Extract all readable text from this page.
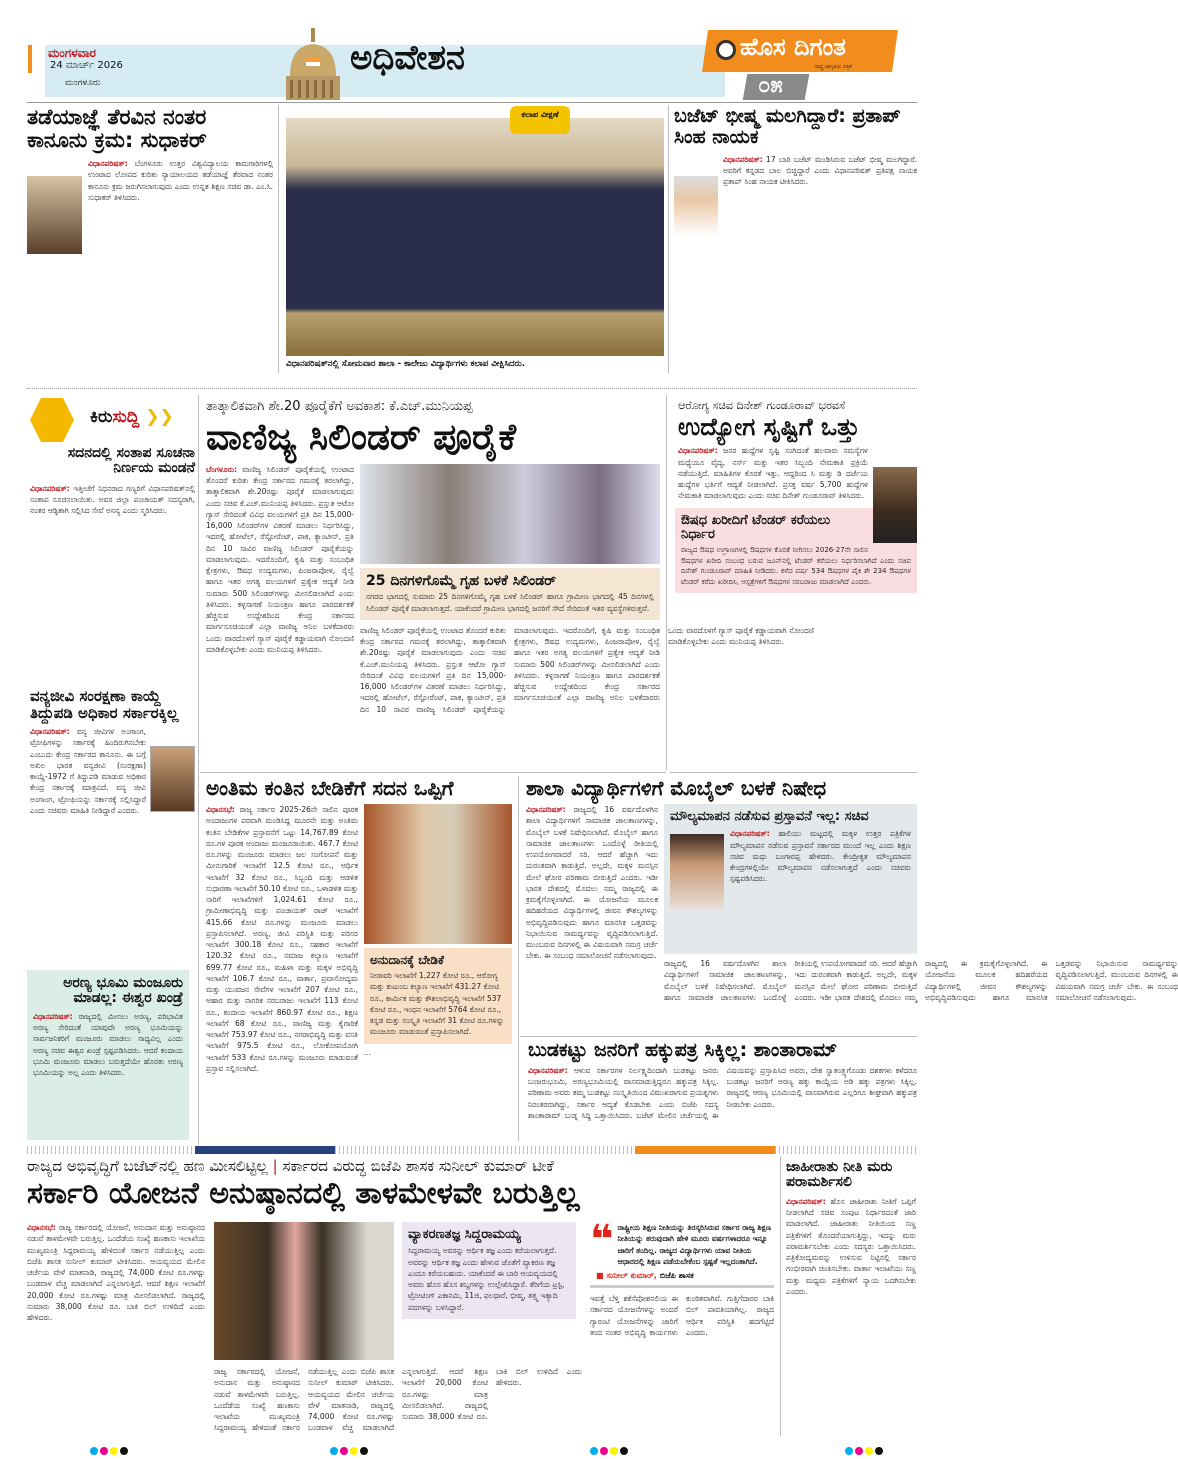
ಮಂಗಳವಾರ
24 ಮಾರ್ಚ್ 2026
ಮಂಗಳೂರು
ಅಧಿವೇಶನ	ಹೊಸ ದಿಗಂತ
ರಾಷ್ಟ್ರ ಜಾಗೃತಿಯ ಪತ್ರಿಕೆ
೦೫
ತಡೆಯಾಜ್ಞೆ ತೆರವಿನ ನಂತರ ಕಾನೂನು ಕ್ರಮ: ಸುಧಾಕರ್
ವಿಧಾನಪರಿಷತ್: ಬೆಂಗಳೂರು ಉತ್ತರ ವಿಶ್ವವಿದ್ಯಾಲಯ ಕಾಮಗಾರಿಗಳಲ್ಲಿ ಉಂಟಾದ ಲೋಪದ ಕುರಿತು ನ್ಯಾಯಾಲಯದ ತಡೆಯಾಜ್ಞೆ ತೆರವಾದ ನಂತರ ಕಾನೂನು ಕ್ರಮ ಜರುಗಿಸಲಾಗುವುದು ಎಂದು ಉನ್ನತ ಶಿಕ್ಷಣ ಸಚಿವ ಡಾ. ಎಂ.ಸಿ. ಸುಧಾಕರ್ ತಿಳಿಸಿದರು.
ಕಲಾಪ ವೀಕ್ಷಣೆ
ವಿಧಾನಪರಿಷತ್‌ನಲ್ಲಿ ಸೋಮವಾರ ಶಾಲಾ - ಕಾಲೇಜು ವಿದ್ಯಾರ್ಥಿಗಳು ಕಲಾಪ ವೀಕ್ಷಿಸಿದರು.
ಬಜೆಟ್ ಭೀಷ್ಮ ಮಲಗಿದ್ದಾರೆ: ಪ್ರತಾಪ್ ಸಿಂಹ ನಾಯಕ
ವಿಧಾನಪರಿಷತ್: 17 ಬಾರಿ ಬಜೆಟ್ ಮಂಡಿಸಿರುವ ಬಜೆಟ್ ಭೀಷ್ಮ ಮಲಗಿದ್ದಾರೆ. ಅವರಿಗೆ ಕನ್ನಡದ ಬಾಲ ಬಿಚ್ಚಿದ್ದಾರೆ ಎಂದು ವಿಧಾನಪರಿಷತ್ ಪ್ರತಿಪಕ್ಷ ನಾಯಕ ಪ್ರತಾಪ್ ಸಿಂಹ ನಾಯಕ ಟೀಕಿಸಿದರು.
ಕಿರುಸುದ್ದಿ ❯❯
ಸದನದಲ್ಲಿ ಸಂತಾಪ ಸೂಚನಾ ನಿರ್ಣಯ ಮಂಡನೆ
ವಿಧಾನಪರಿಷತ್: ಇತ್ತೀಚೆಗೆ ನಿಧನರಾದ ಗಣ್ಯರಿಗೆ ವಿಧಾನಪರಿಷತ್‌ನಲ್ಲಿ ಸಂತಾಪ ಸೂಚಿಸಲಾಯಿತು. ಅವರ ಜಿಲ್ಲಾ ಪಂಚಾಯತ್ ಸದಸ್ಯರಾಗಿ, ನಂತರ ಆಡ್ಳಿತಾಗಿ ಸಲ್ಲಿಸಿದ ಸೇವೆ ಅನನ್ಯ ಎಂದು ಸ್ಮರಿಸಿದರು.
ವನ್ಯಜೀವಿ ಸಂರಕ್ಷಣಾ ಕಾಯ್ದೆ ತಿದ್ದುಪಡಿ ಅಧಿಕಾರ ಸರ್ಕಾರಕ್ಕಿಲ್ಲ
ವಿಧಾನಪರಿಷತ್: ವನ್ಯ ಜೀವಿಗಳ ಅಂಗಾಂಗ, ಟ್ರೋಫಿಗಳನ್ನು ಸರ್ಕಾರಕ್ಕೆ ಹಿಂದಿರುಗಿಸಬೇಕು ಎಂಬುದು ಕೇಂದ್ರ ಸರ್ಕಾರದ ಕಾನೂನು. ಈ ಬಗ್ಗೆ ಅಖಿಲ ಭಾರತ ವನ್ಯಜೀವಿ (ಸಂರಕ್ಷಣಾ) ಕಾಯ್ದೆ-1972 ಗೆ ತಿದ್ದುಪಡಿ ಮಾಡುವ ಅಧಿಕಾರ ಕೇಂದ್ರ ಸರ್ಕಾರಕ್ಕೆ ಮಾತ್ರವಿದೆ. ವನ್ಯ ಜೀವಿ ಅಂಗಾಂಗ, ಟ್ರೋಫಿಯನ್ನು ಸರ್ಕಾರಕ್ಕೆ ಸಲ್ಲಿಸಿದ್ದಾರೆ ಎಂದು ಸಚಿವರು ಮಾಹಿತಿ ನೀಡಿದ್ದಾರೆ ಎಂದರು.
ಅರಣ್ಯ ಭೂಮಿ ಮಂಜೂರು ಮಾಡಲ್ಲ: ಈಶ್ವರ ಖಂಡ್ರೆ
ವಿಧಾನಪರಿಷತ್: ರಾಜ್ಯದಲ್ಲಿ ಮೀಸಲು ಅರಣ್ಯ, ಪರಿಭಾವಿತ ಅರಣ್ಯ ಸೇರಿದಂತೆ ಯಾವುದೇ ಅರಣ್ಯ ಭೂಮಿಯನ್ನು ಸಾರ್ವಜನಿಕರಿಗೆ ಮಂಜೂರು ಮಾಡಲು ಸಾಧ್ಯವಿಲ್ಲ ಎಂದು ಅರಣ್ಯ ಸಚಿವ ಈಶ್ವರ ಖಂಡ್ರೆ ಸ್ಪಷ್ಟಪಡಿಸಿದರು. ಆದರೆ ಕಂದಾಯ ಭೂಮಿ ಮಂಜೂರು ಮಾಡಲು ಬರುತ್ತದೆಯೇ ಹೊರತು ಅರಣ್ಯ ಭೂಮಿಯನ್ನು ಅಲ್ಲ ಎಂದು ತಿಳಿಸಿದರು.
ತಾತ್ಕಾಲಿಕವಾಗಿ ಶೇ.20 ಪೂರೈಕೆಗೆ ಅವಕಾಶ: ಕೆ.ಎಚ್.ಮುನಿಯಪ್ಪ
ವಾಣಿಜ್ಯ ಸಿಲಿಂಡರ್ ಪೂರೈಕೆ
ಬೆಂಗಳೂರು: ವಾಣಿಜ್ಯ ಸಿಲಿಂಡರ್ ಪೂರೈಕೆಯಲ್ಲಿ ಉಂಟಾದ ತೊಂದರೆ ಕುರಿತು ಕೇಂದ್ರ ಸರ್ಕಾರದ ಗಮನಕ್ಕೆ ತರಲಾಗಿದ್ದು, ತಾತ್ಕಾಲಿಕವಾಗಿ ಶೇ.20ರಷ್ಟು ಪೂರೈಕೆ ಮಾಡಲಾಗುವುದು ಎಂದು ಸಚಿವ ಕೆ.ಎಚ್.ಮುನಿಯಪ್ಪ ತಿಳಿಸಿದರು. ಪ್ರಸ್ತುತ ಆಟೋ ಗ್ಯಾಸ್ ಸೇರಿದಂತೆ ವಿವಿಧ ವಲಯಗಳಿಗೆ ಪ್ರತಿ ದಿನ 15,000-16,000 ಸಿಲಿಂಡರ್‌ಗಳ ವಿತರಣೆ ಮಾಡಲು ನಿರ್ಧರಿಸಿದ್ದು, ಇದರಲ್ಲಿ ಹೋಟೆಲ್, ರೆಸ್ಟೋರೆಂಟ್, ಪಾಕ, ಕ್ಯಾಂಟೀನ್, ಪ್ರತಿ ದಿನ 10 ಸಾವಿರ ವಾಣಿಜ್ಯ ಸಿಲಿಂಡರ್ ಪೂರೈಕೆಯನ್ನು ಮಾಡಲಾಗುವುದು. ಇದರೊಂದಿಗೆ, ಕೃಷಿ ಮತ್ತು ಸಂಬಂಧಿತ ಕ್ಷೇತ್ರಗಳು, ಔಷಧ ಉದ್ಯಮಗಳು, ಪಿಂಜರಾಪೋಳ, ರೈಲ್ವೆ ಹಾಗೂ ಇತರ ಅಗತ್ಯ ವಲಯಗಳಿಗೆ ಪ್ರತ್ಯೇಕ ಆದ್ಯತೆ ನೀಡಿ ಸುಮಾರು 500 ಸಿಲಿಂಡರ್‌ಗಳನ್ನು ಮೀಸಲಿಡಲಾಗಿದೆ ಎಂದು ತಿಳಿಸಿದರು. ಕಳ್ಳಸಾಗಣೆ ನಿಯಂತ್ರಣ ಹಾಗೂ ಪಾರದರ್ಶಕತೆ ಹೆಚ್ಚಿಸುವ ಉದ್ದೇಶದಿಂದ ಕೇಂದ್ರ ಸರ್ಕಾರದ ಮಾರ್ಗಸೂಚಿಯಂತೆ ಎಲ್ಲಾ ವಾಣಿಜ್ಯ ಅನಿಲ ಬಳಕೆದಾರರು ಒಂದು ವಾರದೊಳಗೆ ಗ್ಯಾಸ್ ಪೂರೈಕೆ ಕಡ್ಡಾಯವಾಗಿ ನೋಂದಣಿ ಮಾಡಿಕೊಳ್ಳಬೇಕು ಎಂದು ಮುನಿಯಪ್ಪ ತಿಳಿಸಿದರು.
25 ದಿನಗಳಿಗೊಮ್ಮೆ ಗೃಹ ಬಳಕೆ ಸಿಲಿಂಡರ್
ನಗರದ ಭಾಗದಲ್ಲಿ ಸುಮಾರು 25 ದಿನಗಳಿಗೊಮ್ಮೆ ಗೃಹ ಬಳಕೆ ಸಿಲಿಂಡರ್ ಹಾಗೂ ಗ್ರಾಮೀಣ ಭಾಗದಲ್ಲಿ 45 ದಿನಗಳಲ್ಲಿ ಸಿಲಿಂಡರ್ ಪೂರೈಕೆ ಮಾಡಲಾಗುತ್ತದೆ. ಯಾಕೆಂದರೆ ಗ್ರಾಮೀಣ ಭಾಗದಲ್ಲಿ ಜನರಿಗೆ ಸೌದೆ ಸೇರಿದಂತೆ ಇತರ ವ್ಯವಸ್ಥೆಗಳಿರುತ್ತವೆ.
ವಾಣಿಜ್ಯ ಸಿಲಿಂಡರ್ ಪೂರೈಕೆಯಲ್ಲಿ ಉಂಟಾದ ತೊಂದರೆ ಕುರಿತು ಕೇಂದ್ರ ಸರ್ಕಾರದ ಗಮನಕ್ಕೆ ತರಲಾಗಿದ್ದು, ತಾತ್ಕಾಲಿಕವಾಗಿ ಶೇ.20ರಷ್ಟು ಪೂರೈಕೆ ಮಾಡಲಾಗುವುದು ಎಂದು ಸಚಿವ ಕೆ.ಎಚ್.ಮುನಿಯಪ್ಪ ತಿಳಿಸಿದರು. ಪ್ರಸ್ತುತ ಆಟೋ ಗ್ಯಾಸ್ ಸೇರಿದಂತೆ ವಿವಿಧ ವಲಯಗಳಿಗೆ ಪ್ರತಿ ದಿನ 15,000-16,000 ಸಿಲಿಂಡರ್‌ಗಳ ವಿತರಣೆ ಮಾಡಲು ನಿರ್ಧರಿಸಿದ್ದು, ಇದರಲ್ಲಿ ಹೋಟೆಲ್, ರೆಸ್ಟೋರೆಂಟ್, ಪಾಕ, ಕ್ಯಾಂಟೀನ್, ಪ್ರತಿ ದಿನ 10 ಸಾವಿರ ವಾಣಿಜ್ಯ ಸಿಲಿಂಡರ್ ಪೂರೈಕೆಯನ್ನು ಮಾಡಲಾಗುವುದು. ಇದರೊಂದಿಗೆ, ಕೃಷಿ ಮತ್ತು ಸಂಬಂಧಿತ ಕ್ಷೇತ್ರಗಳು, ಔಷಧ ಉದ್ಯಮಗಳು, ಪಿಂಜರಾಪೋಳ, ರೈಲ್ವೆ ಹಾಗೂ ಇತರ ಅಗತ್ಯ ವಲಯಗಳಿಗೆ ಪ್ರತ್ಯೇಕ ಆದ್ಯತೆ ನೀಡಿ ಸುಮಾರು 500 ಸಿಲಿಂಡರ್‌ಗಳನ್ನು ಮೀಸಲಿಡಲಾಗಿದೆ ಎಂದು ತಿಳಿಸಿದರು. ಕಳ್ಳಸಾಗಣೆ ನಿಯಂತ್ರಣ ಹಾಗೂ ಪಾರದರ್ಶಕತೆ ಹೆಚ್ಚಿಸುವ ಉದ್ದೇಶದಿಂದ ಕೇಂದ್ರ ಸರ್ಕಾರದ ಮಾರ್ಗಸೂಚಿಯಂತೆ ಎಲ್ಲಾ ವಾಣಿಜ್ಯ ಅನಿಲ ಬಳಕೆದಾರರು ಒಂದು ವಾರದೊಳಗೆ ಗ್ಯಾಸ್ ಪೂರೈಕೆ ಕಡ್ಡಾಯವಾಗಿ ನೋಂದಣಿ ಮಾಡಿಕೊಳ್ಳಬೇಕು ಎಂದು ಮುನಿಯಪ್ಪ ತಿಳಿಸಿದರು.
ಆರೋಗ್ಯ ಸಚಿವ ದಿನೇಶ್ ಗುಂಡೂರಾವ್ ಭರವಸೆ
ಉದ್ಯೋಗ ಸೃಷ್ಟಿಗೆ ಒತ್ತು
ವಿಧಾನಪರಿಷತ್: ಜನರ ಹುದ್ದೆಗಳ ಸೃಷ್ಟಿ ಸಂಗಿದಂತೆ ಹಲವಾರು ಸಮಸ್ಯೆಗಳ ಮಧ್ಯೆಯೂ ವೈದ್ಯ, ನರ್ಸ್ ಮತ್ತು ಇತರ ಸಿಬ್ಬಂದಿ ನೇಮಕಾತಿ ಪ್ರಕ್ರಿಯೆ ನಡೆಯುತ್ತಿದೆ. ಮಾಹಿತಿಗಳ ಕೊರತೆ ಇತ್ತು. ಆದ್ದರಿಂದ ಸಿ ಮತ್ತು ಡಿ ದರ್ಜೆಯ ಹುದ್ದೆಗಳ ಭರ್ತಿಗೆ ಆದ್ಯತೆ ನೀಡಲಾಗಿದೆ. ಪ್ರಸಕ್ತ ವರ್ಷ 5,700 ಹುದ್ದೆಗಳ ನೇಮಕಾತಿ ಮಾಡಲಾಗುವುದು ಎಂದು ಸಚಿವ ದಿನೇಶ್ ಗುಂಡೂರಾವ್ ತಿಳಿಸಿದರು.
ಔಷಧ ಖರೀದಿಗೆ ಟೆಂಡರ್ ಕರೆಯಲು ನಿರ್ಧಾರ
ರಾಜ್ಯದ ಔಷಧ ಉಗ್ರಾಣಗಳಲ್ಲಿ ಔಷಧಗಳ ಕೊರತೆ ನೀಗಿಸಲು 2026-27ನೇ ಸಾಲಿನ ಔಷಧಗಳ ಖರೀದಿ ಸಂಬಂಧ ಬರುವ ಜೂನ್‌ನಲ್ಲಿ ಟೆಂಡರ್ ಕರೆಯಲು ನಿರ್ಧರಿಸಲಾಗಿದೆ ಎಂದು ಸಚಿವ ದಿನೇಶ್ ಗುಂಡೂರಾವ್ ಮಾಹಿತಿ ನೀಡಿದರು. ಕಳೆದ ವರ್ಷ 534 ಔಷಧಗಳ ಪೈಕಿ ಶೇ 234 ಔಷಧಗಳ ಟೆಂಡರ್ ಕರೆದು ಖರೀದಿಸಿ, ಆಸ್ಪತ್ರೆಗಳಿಗೆ ಔಷಧಗಳ ಸರಬರಾಜು ಮಾಡಲಾಗಿದೆ ಎಂದರು.
ಅಂತಿಮ ಕಂತಿನ ಬೇಡಿಕೆಗೆ ಸದನ ಒಪ್ಪಿಗೆ
ವಿಧಾನಸಭೆ: ರಾಜ್ಯ ಸರ್ಕಾರ 2025-26ನೇ ಸಾಲಿನ ಪೂರಕ ಅಂದಾಜುಗಳ ಪರವಾಗಿ ಮಂಡಿಸಿದ್ದ ಮೂರನೇ ಮತ್ತು ಅಂತಿಮ ಕಂತಿನ ಬೇಡಿಕೆಗಳ ಪ್ರಸ್ತಾವನೆಗೆ ಒಟ್ಟು 14,767.89 ಕೋಟಿ ರೂ.ಗಳ ಪೂರಕ ಅಂದಾಜು ಮಂಜೂರಾಯಿತು. 467.7 ಕೋಟಿ ರೂ.ಗಳನ್ನು ಮಂಜೂರು ಮಾಡಲು ಜಲ ಸಂಗೋಪನೆ ಮತ್ತು ಮೀನುಗಾರಿಕೆ ಇಲಾಖೆಗೆ 12.5 ಕೋಟಿ ರೂ., ಆರ್ಥಿಕ ಇಲಾಖೆಗೆ 32 ಕೋಟಿ ರೂ., ಸಿಬ್ಬಂದಿ ಮತ್ತು ಆಡಳಿತ ಸುಧಾರಣಾ ಇಲಾಖೆಗೆ 50.10 ಕೋಟಿ ರೂ., ಒಳಾಡಳಿತ ಮತ್ತು ಸಾರಿಗೆ ಇಲಾಖೆಗಳಿಗೆ 1,024.61 ಕೋಟಿ ರೂ., ಗ್ರಾಮೀಣಾಭಿವೃದ್ಧಿ ಮತ್ತು ಪಂಚಾಯತ್ ರಾಜ್ ಇಲಾಖೆಗೆ 415.66 ಕೋಟಿ ರೂ.ಗಳನ್ನು ಮಂಜೂರು ಮಾಡಲು ಪ್ರಸ್ತಾಪಿಸಲಾಗಿದೆ. ಅರಣ್ಯ, ಜೀವಿ ಪರಿಸ್ಥಿತಿ ಮತ್ತು ಪರಿಸರ ಇಲಾಖೆಗೆ 300.18 ಕೋಟಿ ರೂ., ಸಹಕಾರ ಇಲಾಖೆಗೆ 120.32 ಕೋಟಿ ರೂ., ಸಮಾಜ ಕಲ್ಯಾಣ ಇಲಾಖೆಗೆ 699.77 ಕೋಟಿ ರೂ., ಮಹಿಳಾ ಮತ್ತು ಮಕ್ಕಳ ಅಭಿವೃದ್ಧಿ ಇಲಾಖೆಗೆ 106.7 ಕೋಟಿ ರೂ., ವಾರ್ತಾ, ಪ್ರವಾಸೋದ್ಯಮ ಮತ್ತು ಯುವಜನ ಸೇವೆಗಳ ಇಲಾಖೆಗೆ 207 ಕೋಟಿ ರೂ., ಆಹಾರ ಮತ್ತು ನಾಗರಿಕ ಸರಬರಾಜು ಇಲಾಖೆಗೆ 113 ಕೋಟಿ ರೂ., ಕಂದಾಯ ಇಲಾಖೆಗೆ 860.97 ಕೋಟಿ ರೂ., ಶಿಕ್ಷಣ ಇಲಾಖೆಗೆ 68 ಕೋಟಿ ರೂ., ವಾಣಿಜ್ಯ ಮತ್ತು ಕೈಗಾರಿಕೆ ಇಲಾಖೆಗೆ 753.97 ಕೋಟಿ ರೂ., ನಗರಾಭಿವೃದ್ಧಿ ಮತ್ತು ವಸತಿ ಇಲಾಖೆಗೆ 975.5 ಕೋಟಿ ರೂ., ಲೋಕೋಪಯೋಗಿ ಇಲಾಖೆಗೆ 533 ಕೋಟಿ ರೂ.ಗಳನ್ನು ಮಂಜೂರು ಮಾಡುವಂತೆ ಪ್ರಸ್ತಾವ ಸಲ್ಲಿಸಲಾಗಿದೆ.
ಅನುದಾನಕ್ಕೆ ಬೇಡಿಕೆ
ನೀರಾವರಿ ಇಲಾಖೆಗೆ 1,227 ಕೋಟಿ ರೂ., ಆರೋಗ್ಯ ಮತ್ತು ಕುಟುಂಬ ಕಲ್ಯಾಣ ಇಲಾಖೆಗೆ 431.27 ಕೋಟಿ ರೂ., ಕಾರ್ಮಿಕ ಮತ್ತು ಕೌಶಲಾಭಿವೃದ್ಧಿ ಇಲಾಖೆಗೆ 537 ಕೋಟಿ ರೂ., ಇಂಧನ ಇಲಾಖೆಗೆ 5764 ಕೋಟಿ ರೂ., ಕನ್ನಡ ಮತ್ತು ಸಂಸ್ಕೃತಿ ಇಲಾಖೆಗೆ 31 ಕೋಟಿ ರೂ.ಗಳನ್ನು ಮಂಜೂರು ಮಾಡುವಂತೆ ಪ್ರಸ್ತಾಪಿಸಲಾಗಿದೆ.
…
ಶಾಲಾ ವಿದ್ಯಾರ್ಥಿಗಳಿಗೆ ಮೊಬೈಲ್ ಬಳಕೆ ನಿಷೇಧ
ವಿಧಾನಪರಿಷತ್: ರಾಜ್ಯದಲ್ಲಿ 16 ವರ್ಷದೊಳಗಿನ ಶಾಲಾ ವಿದ್ಯಾರ್ಥಿಗಳಿಗೆ ಸಾಮಾಜಿಕ ಜಾಲತಾಣಗಳನ್ನು, ಮೊಬೈಲ್ ಬಳಕೆ ನಿಷೇಧಿಸಲಾಗಿದೆ. ಮೊಬೈಲ್ ಹಾಗೂ ಸಾಮಾಜಿಕ ಜಾಲತಾಣಗಳು ಒಂದೊಳ್ಳೆ ರೀತಿಯಲ್ಲಿ ಉಪಯೋಗವಾದರೆ ಸರಿ. ಆದರೆ ಹೆಚ್ಚಾಗಿ ಇದು ದುರಂತವಾಗಿ ಕಾಡುತ್ತಿದೆ. ಅಲ್ಲದೇ, ಮಕ್ಕಳ ಮನಸ್ಸಿನ ಮೇಲೆ ಘೋರ ಪರಿಣಾಮ ಬೀರುತ್ತಿದೆ ಎಂದರು. ಇಡೀ ಭಾರತ ದೇಶದಲ್ಲಿ ಮೊದಲು ನಮ್ಮ ರಾಜ್ಯದಲ್ಲಿ ಈ ಕ್ರಮಕೈಗೊಳ್ಳಲಾಗಿದೆ. ಈ ಯೋಜನೆಯ ಮೂಲಕ ಹದಿಹರೆಯದ ವಿದ್ಯಾರ್ಥಿಗಳಲ್ಲಿ ಜೀವನ ಕೌಶಲ್ಯಗಳನ್ನು ಅಭಿವೃದ್ಧಿಪಡಿಸುವುದು ಹಾಗೂ ಮಾನಸಿಕ ಒತ್ತಡವನ್ನು ನಿಭಾಯಿಸುವ ಸಾಮರ್ಥ್ಯವನ್ನು ವೃದ್ಧಿಪಡಿಸಲಾಗುತ್ತಿದೆ. ಮುಂಬರುವ ದಿನಗಳಲ್ಲಿ ಈ ವಿಷಯವಾಗಿ ಸಮಗ್ರ ಚರ್ಚೆ ಬೇಕು. ಈ ಸಂಬಂಧ ಸಮಾಲೋಚನೆ ನಡೆಸಲಾಗುವುದು.
ಮೌಲ್ಯಮಾಪನ ನಡೆಸುವ ಪ್ರಸ್ತಾವನೆ ಇಲ್ಲ: ಸಚಿವ
ವಿಧಾನಪರಿಷತ್: ಹಾಲಿಯು ಮಟ್ಟದಲ್ಲಿ ಮಕ್ಕಳ ಉತ್ತರ ಪತ್ರಿಕೆಗಳ ಮೌಲ್ಯಮಾಪನ ನಡೆಸುವ ಪ್ರಸ್ತಾವನೆ ಸರ್ಕಾರದ ಮುಂದೆ ಇಲ್ಲ ಎಂದು ಶಿಕ್ಷಣ ಸಚಿವ ಮಧು ಬಂಗಾರಪ್ಪ ಹೇಳಿದರು. ಕೇಂದ್ರೀಕೃತ ಮೌಲ್ಯಮಾಪನ ಕೇಂದ್ರಗಳಲ್ಲಿಯೇ ಮೌಲ್ಯಮಾಪನ ನಡೆಸಲಾಗುತ್ತದೆ ಎಂದು ಸಚಿವರು ಸ್ಪಷ್ಟಪಡಿಸಿದರು.
ರಾಜ್ಯದಲ್ಲಿ 16 ವರ್ಷದೊಳಗಿನ ಶಾಲಾ ವಿದ್ಯಾರ್ಥಿಗಳಿಗೆ ಸಾಮಾಜಿಕ ಜಾಲತಾಣಗಳನ್ನು, ಮೊಬೈಲ್ ಬಳಕೆ ನಿಷೇಧಿಸಲಾಗಿದೆ. ಮೊಬೈಲ್ ಹಾಗೂ ಸಾಮಾಜಿಕ ಜಾಲತಾಣಗಳು ಒಂದೊಳ್ಳೆ ರೀತಿಯಲ್ಲಿ ಉಪಯೋಗವಾದರೆ ಸರಿ. ಆದರೆ ಹೆಚ್ಚಾಗಿ ಇದು ದುರಂತವಾಗಿ ಕಾಡುತ್ತಿದೆ. ಅಲ್ಲದೇ, ಮಕ್ಕಳ ಮನಸ್ಸಿನ ಮೇಲೆ ಘೋರ ಪರಿಣಾಮ ಬೀರುತ್ತಿದೆ ಎಂದರು. ಇಡೀ ಭಾರತ ದೇಶದಲ್ಲಿ ಮೊದಲು ನಮ್ಮ ರಾಜ್ಯದಲ್ಲಿ ಈ ಕ್ರಮಕೈಗೊಳ್ಳಲಾಗಿದೆ. ಈ ಯೋಜನೆಯ ಮೂಲಕ ಹದಿಹರೆಯದ ವಿದ್ಯಾರ್ಥಿಗಳಲ್ಲಿ ಜೀವನ ಕೌಶಲ್ಯಗಳನ್ನು ಅಭಿವೃದ್ಧಿಪಡಿಸುವುದು ಹಾಗೂ ಮಾನಸಿಕ ಒತ್ತಡವನ್ನು ನಿಭಾಯಿಸುವ ಸಾಮರ್ಥ್ಯವನ್ನು ವೃದ್ಧಿಪಡಿಸಲಾಗುತ್ತಿದೆ. ಮುಂಬರುವ ದಿನಗಳಲ್ಲಿ ಈ ವಿಷಯವಾಗಿ ಸಮಗ್ರ ಚರ್ಚೆ ಬೇಕು. ಈ ಸಂಬಂಧ ಸಮಾಲೋಚನೆ ನಡೆಸಲಾಗುವುದು.
ಬುಡಕಟ್ಟು ಜನರಿಗೆ ಹಕ್ಕುಪತ್ರ ಸಿಕ್ಕಿಲ್ಲ: ಶಾಂತಾರಾಮ್
ವಿಧಾನಪರಿಷತ್: ಆಳುವ ಸರ್ಕಾರಗಳ ನಿರ್ಲಕ್ಷ್ಯದಿಂದಾಗಿ ಬುಡಕಟ್ಟು ಜನರು ಬಂಜರುಭೂಮಿ, ಅರಣ್ಯಭೂಮಿಯಲ್ಲಿ ವಾಸಮಾಡುತ್ತಿದ್ದರೂ ಹಕ್ಕುಪತ್ರ ಸಿಕ್ಕಿಲ್ಲ. ಪರಿಣಾಮ ಅವರು ತಮ್ಮ ಬುಡಕಟ್ಟು ಸಂಸ್ಕೃತಿಯಿಂದ ವಿಮುಖರಾಗುವ ಪ್ರಯತ್ನಗಳು ನಿರಂತರವಾಗಿದ್ದು, ಸರ್ಕಾರ ಆದ್ಯತೆ ಕೊಡಬೇಕು ಎಂದು ಬಿಜೆಪಿ ಸದಸ್ಯ ಶಾಂತಾರಾಮ್ ಬುಡ್ನ ಸಿದ್ದಿ ಒತ್ತಾಯಿಸಿದರು. ಬಜೆಟ್ ಮೇಲಿನ ಚರ್ಚೆಯಲ್ಲಿ ಈ ವಿಷಯವನ್ನು ಪ್ರಸ್ತಾಪಿಸಿದ ಅವರು, ದೇಶ ಸ್ವಾತಂತ್ರ್ಯಗೊಂಡು ದಶಕಗಳು ಕಳೆದರೂ ಬುಡಕಟ್ಟು ಜನರಿಗೆ ಅರಣ್ಯ ಹಕ್ಕು ಕಾಯ್ದೆಯ ಅಡಿ ಹಕ್ಕು ಪತ್ರಗಳು ಸಿಕ್ಕಿಲ್ಲ. ರಾಜ್ಯದಲ್ಲಿ ಆರಣ್ಯ ಭೂಮಿಯಲ್ಲಿ ವಾಸವಾಗಿರುವ ಎಲ್ಲರಿಗೂ ಶೀಘ್ರವಾಗಿ ಹಕ್ಕುಪತ್ರ ನೀಡಬೇಕು ಎಂದರು.
ರಾಜ್ಯದ ಅಭಿವೃದ್ಧಿಗೆ ಬಜೆಟ್‌ನಲ್ಲಿ ಹಣ ಮೀಸಲಿಟ್ಟಿಲ್ಲ | ಸರ್ಕಾರದ ವಿರುದ್ಧ ಬಿಜೆಪಿ ಶಾಸಕ ಸುನೀಲ್ ಕುಮಾರ್ ಟೀಕೆ
ಸರ್ಕಾರಿ ಯೋಜನೆ ಅನುಷ್ಠಾನದಲ್ಲಿ ತಾಳಮೇಳವೇ ಬರುತ್ತಿಲ್ಲ
ವಿಧಾನಸಭೆ: ರಾಜ್ಯ ಸರ್ಕಾರದಲ್ಲಿ ಯೋಜನೆ, ಅನುದಾನ ಮತ್ತು ಅನುಷ್ಠಾನದ ನಡುವೆ ತಾಳಮೇಳವೇ ಬರುತ್ತಿಲ್ಲ. ಒಂದೆಡೆಯ ಸಂಖ್ಯೆ ಹಣಕಾಸು ಇಲಾಖೆಯ ಮುಖ್ಯಮಂತ್ರಿ ಸಿದ್ದರಾಮಯ್ಯ ಹೇಳಿದಂತೆ ಸರ್ಕಾರ ನಡೆಯುತ್ತಿಲ್ಲ ಎಂದು ಬಿಜೆಪಿ ಶಾಸಕ ಸುನೀಲ್ ಕುಮಾರ್ ಟೀಕಿಸಿದರು. ಆಯವ್ಯಯದ ಮೇಲಿನ ಚರ್ಚೆಯ ವೇಳೆ ಮಾತನಾಡಿ, ರಾಜ್ಯದಲ್ಲಿ 74,000 ಕೋಟಿ ರೂ.ಗಳಷ್ಟು ಬಂಡವಾಳ ವೆಚ್ಚ ಮಾಡಲಾಗಿದೆ ಎನ್ನಲಾಗುತ್ತಿದೆ. ಆದರೆ ಶಿಕ್ಷಣ ಇಲಾಖೆಗೆ 20,000 ಕೋಟಿ ರೂ.ಗಳಷ್ಟು ಮಾತ್ರ ಮೀಸಲಿಡಲಾಗಿದೆ. ರಾಜ್ಯದಲ್ಲಿ ಸುಮಾರು 38,000 ಕೋಟಿ ರೂ. ಬಾಕಿ ಬಿಲ್ ಉಳಿದಿದೆ ಎಂದು ಹೇಳಿದರು.
ವ್ಯಾಕರಣತಜ್ಞ ಸಿದ್ದರಾಮಯ್ಯ
ಸಿದ್ದರಾಮಯ್ಯ ಅವರನ್ನು ಆರ್ಥಿಕ ತಜ್ಞ ಎಂದು ಕರೆಯಲಾಗುತ್ತದೆ. ಅವರನ್ನು ಆರ್ಥಿಕ ತಜ್ಞ ಎಂದು ಹೇಳುವ ಜೊತೆಗೆ ವ್ಯಾಕರಣ ತಜ್ಞ ಎಂದೂ ಕರೆಯಬಹುದು. ಯಾಕೆಂದರೆ ಈ ಬಾರಿ ಆಯವ್ಯಯದಲ್ಲಿ ಅವರು ಹೊಸ ಹೊಸ ಶಬ್ದಗಳನ್ನು ಉಲ್ಲೇಖಿಸಿದ್ದಾರೆ. ತೆರಿಗೆಯ ಟ್ರಸ್ಟಿ, ಟ್ರೋಟಿಂಗ್ ಎಕಾನಮಿ, 11ಜಿ, ಫಲಧಾರೆ, ಭೀಷ್ಮ, ತತ್ತ್ವ ಇತ್ಯಾದಿ ಪದಗಳನ್ನು ಬಳಸಿದ್ದಾರೆ.
ರಾಜ್ಯ ಸರ್ಕಾರದಲ್ಲಿ ಯೋಜನೆ, ಅನುದಾನ ಮತ್ತು ಅನುಷ್ಠಾನದ ನಡುವೆ ತಾಳಮೇಳವೇ ಬರುತ್ತಿಲ್ಲ. ಒಂದೆಡೆಯ ಸಂಖ್ಯೆ ಹಣಕಾಸು ಇಲಾಖೆಯ ಮುಖ್ಯಮಂತ್ರಿ ಸಿದ್ದರಾಮಯ್ಯ ಹೇಳಿದಂತೆ ಸರ್ಕಾರ ನಡೆಯುತ್ತಿಲ್ಲ ಎಂದು ಬಿಜೆಪಿ ಶಾಸಕ ಸುನೀಲ್ ಕುಮಾರ್ ಟೀಕಿಸಿದರು. ಆಯವ್ಯಯದ ಮೇಲಿನ ಚರ್ಚೆಯ ವೇಳೆ ಮಾತನಾಡಿ, ರಾಜ್ಯದಲ್ಲಿ 74,000 ಕೋಟಿ ರೂ.ಗಳಷ್ಟು ಬಂಡವಾಳ ವೆಚ್ಚ ಮಾಡಲಾಗಿದೆ ಎನ್ನಲಾಗುತ್ತಿದೆ. ಆದರೆ ಶಿಕ್ಷಣ ಇಲಾಖೆಗೆ 20,000 ಕೋಟಿ ರೂ.ಗಳಷ್ಟು ಮಾತ್ರ ಮೀಸಲಿಡಲಾಗಿದೆ. ರಾಜ್ಯದಲ್ಲಿ ಸುಮಾರು 38,000 ಕೋಟಿ ರೂ. ಬಾಕಿ ಬಿಲ್ ಉಳಿದಿದೆ ಎಂದು ಹೇಳಿದರು.
❝ ರಾಷ್ಟ್ರೀಯ ಶಿಕ್ಷಣ ನೀತಿಯನ್ನು ತಿರಸ್ಕರಿಸಿರುವ ಸರ್ಕಾರ ರಾಜ್ಯ ಶಿಕ್ಷಣ ನೀತಿಯನ್ನು ತರುವುದಾಗಿ ಹೇಳಿ ಮೂರು ವರ್ಷಗಳಾದರೂ ಇನ್ನೂ ಜಾರಿಗೆ ತಂದಿಲ್ಲ. ರಾಜ್ಯದ ವಿದ್ಯಾರ್ಥಿಗಳು ಯಾವ ನೀತಿಯ ಆಧಾರದಲ್ಲಿ ಶಿಕ್ಷಣ ಪಡೆಯಬೇಕೆಂಬ ಸ್ಪಷ್ಟತೆ ಇಲ್ಲದಂತಾಗಿದೆ.
■ ಸುನೀಲ್ ಕುಮಾರ್, ಬಿಜೆಪಿ ಶಾಸಕ
ಇವತ್ತೆ ಬೆಳ್ತಿ ಶಕೆಸೆಪೋಶನಲಿಯ ಈ ಸರ್ಕಾರದ ಯೋಜನೆಗಳನ್ನು ಅಂದರೆ ಗ್ಯಾರಂಟಿ ಯೋಜನೆಗಳನ್ನು ಜಾರಿಗೆ ತಂದ ನಂತರ ಅಭಿವೃದ್ಧಿ ಕಾರ್ಯಗಳು ಕುಂಠಿತವಾಗಿವೆ. ಗುತ್ತಿಗೆದಾರರ ಬಾಕಿ ಬಿಲ್ ಪಾವತಿಯಾಗಿಲ್ಲ. ರಾಜ್ಯದ ಆರ್ಥಿಕ ಪರಿಸ್ಥಿತಿ ಹದಗೆಟ್ಟಿದೆ ಎಂದರು.
ಜಾಹೀರಾತು ನೀತಿ ಮರು ಪರಾಮರ್ಶಿಸಲಿ
ವಿಧಾನಪರಿಷತ್: ಹೊಸ ಜಾಹೀರಾತು ನೀತಿಗೆ ಒಪ್ಪಿಗೆ ನೀಡಲಾಗಿದೆ ಸಚಿವ ಸಂಪುಟ ನಿರ್ಧಾರದಂತೆ ಜಾರಿ ಮಾಡಲಾಗಿದೆ. ಜಾಹೀರಾತು ನೀತಿಯಿಂದ ಸಣ್ಣ ಪತ್ರಿಕೆಗಳಿಗೆ ತೊಂದರೆಯಾಗುತ್ತಿದ್ದು, ಇದನ್ನು ಮರು ಪರಾಮರ್ಶಿಸಬೇಕು ಎಂದು ಸದಸ್ಯರು ಒತ್ತಾಯಿಸಿದರು. ಪತ್ರಿಕೋದ್ಯಮವನ್ನು ಉಳಿಸುವ ನಿಟ್ಟಿನಲ್ಲಿ ಸರ್ಕಾರ ಗಂಭೀರವಾಗಿ ಚಿಂತಿಸಬೇಕು. ವಾರ್ತಾ ಇಲಾಖೆಯು ಸಣ್ಣ ಮತ್ತು ಮಧ್ಯಮ ಪತ್ರಿಕೆಗಳಿಗೆ ನ್ಯಾಯ ಒದಗಿಸಬೇಕು ಎಂದರು.
